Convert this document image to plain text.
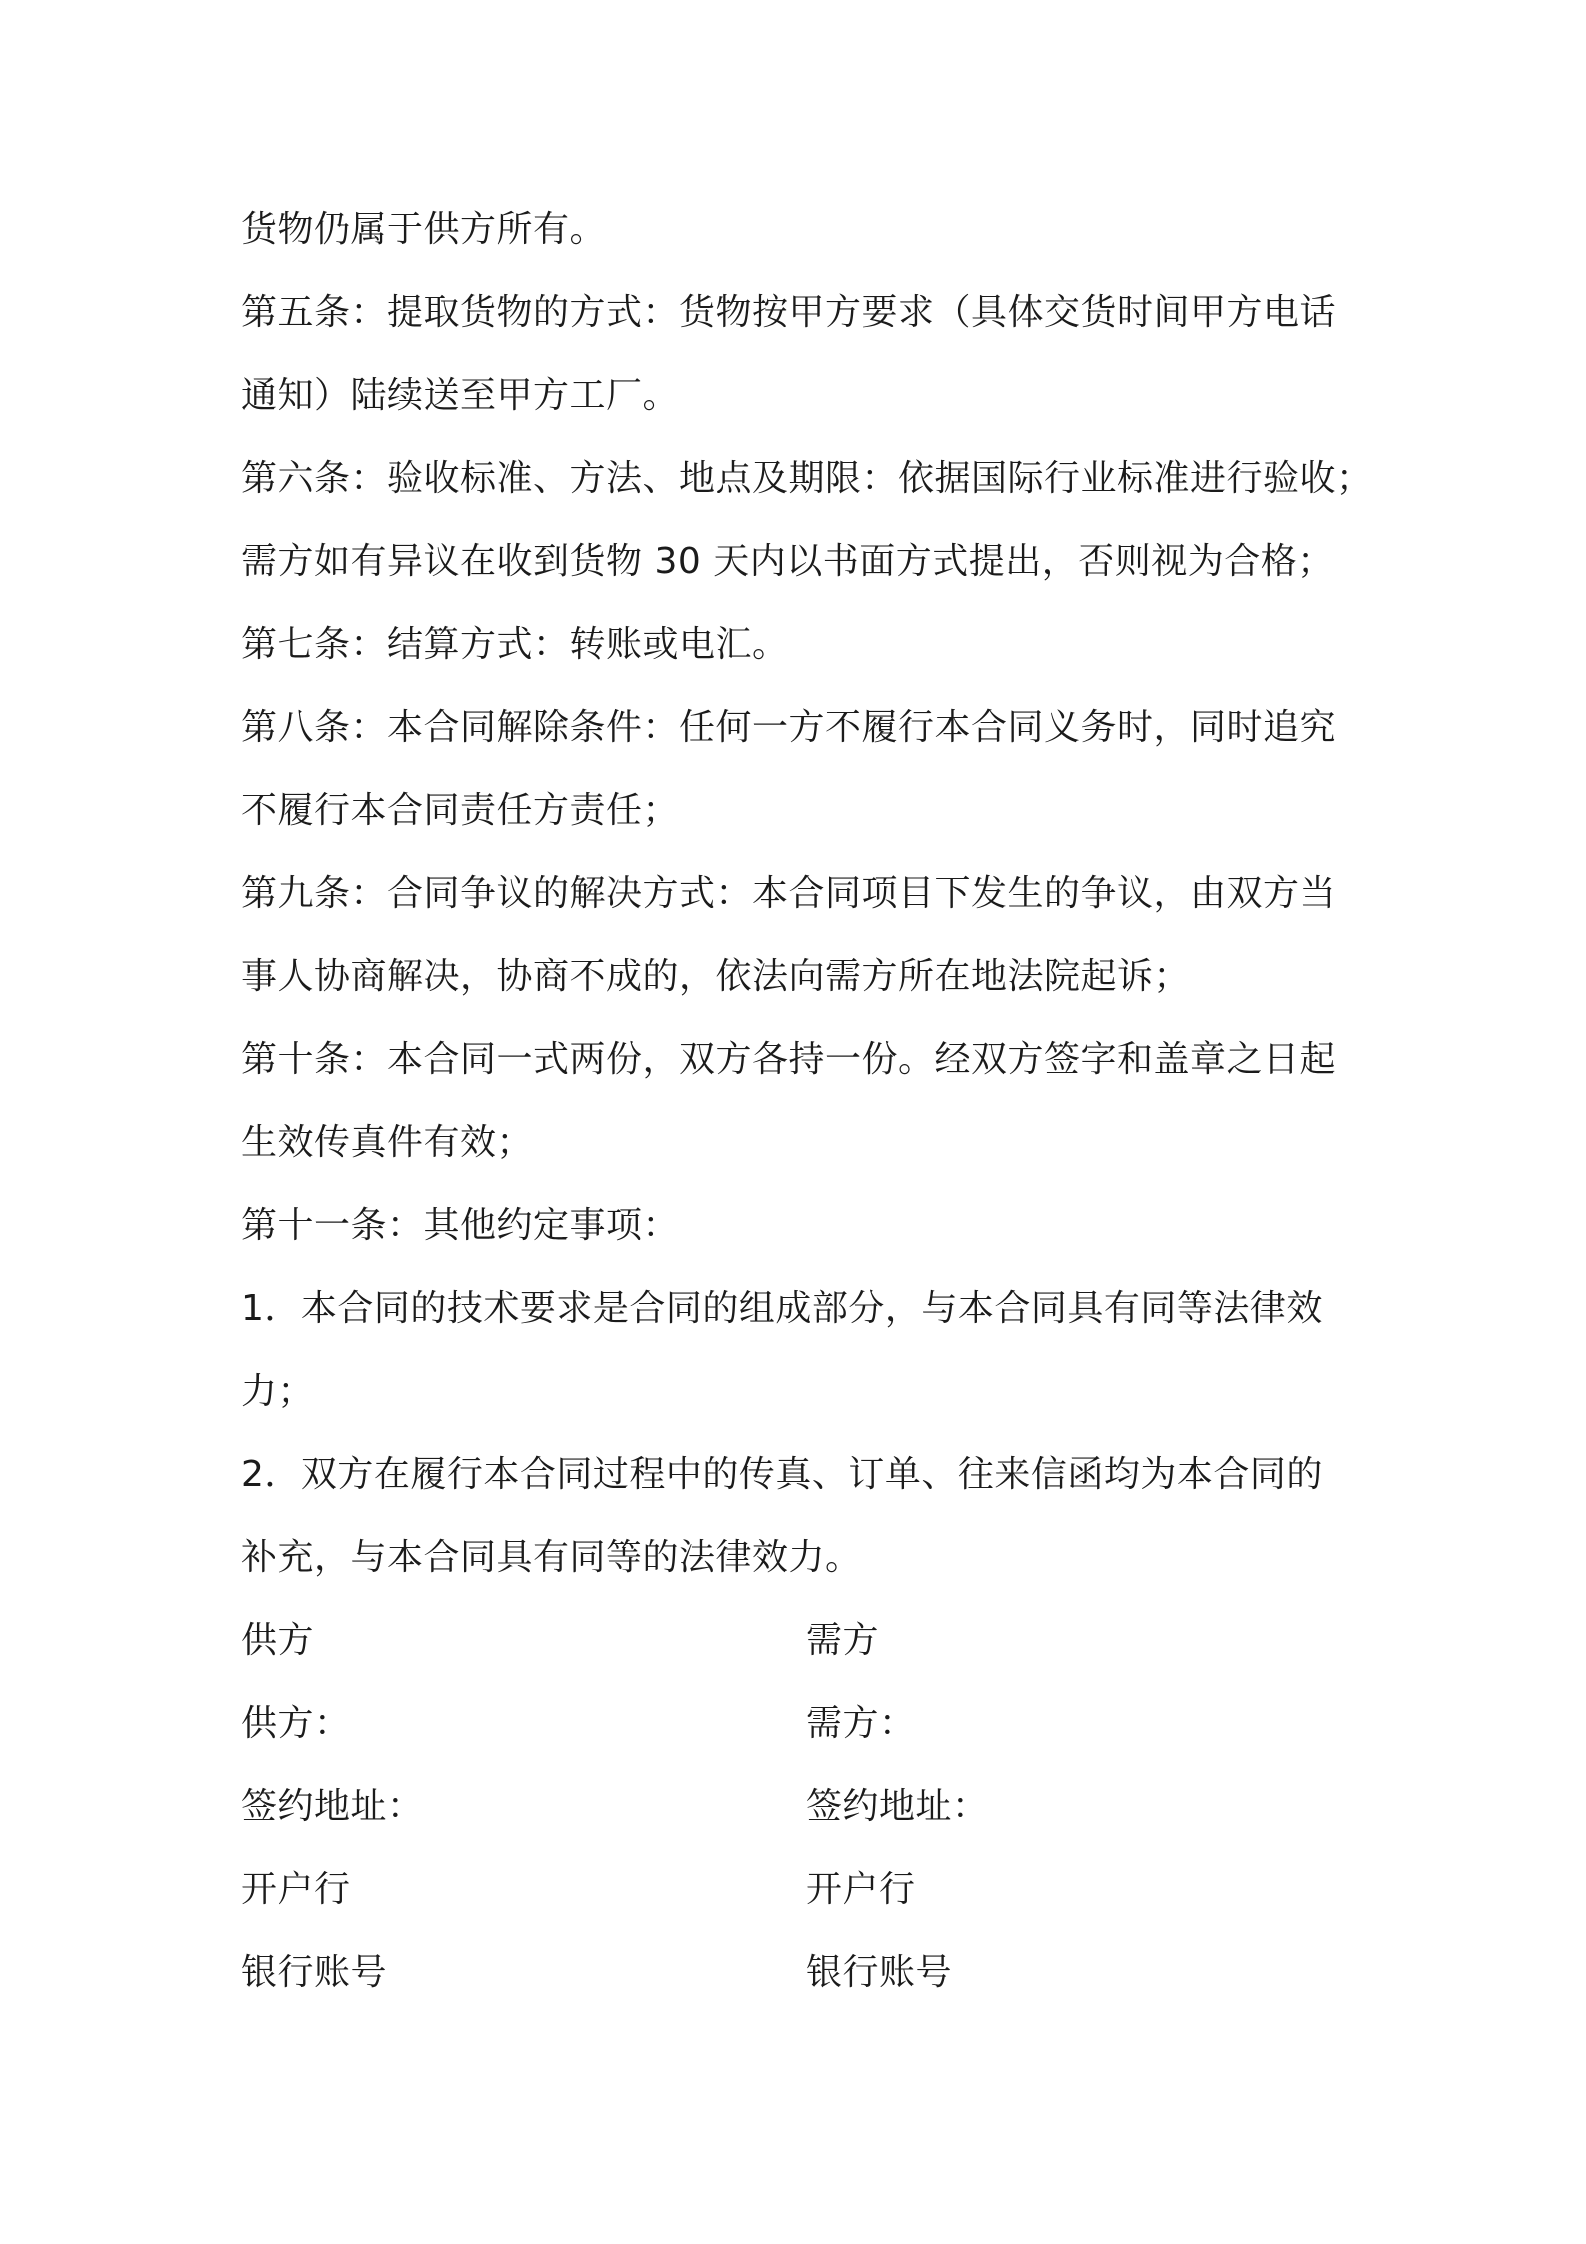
货物仍属于供方所有。
第五条：提取货物的方式：货物按甲方要求（具体交货时间甲方电话
通知）陆续送至甲方工厂。
第六条：验收标准、方法、地点及期限：依据国际行业标准进行验收；
需方如有异议在收到货物 30 天内以书面方式提出，否则视为合格；
第七条：结算方式：转账或电汇。
第八条：本合同解除条件：任何一方不履行本合同义务时，同时追究
不履行本合同责任方责任；
第九条：合同争议的解决方式：本合同项目下发生的争议，由双方当
事人协商解决，协商不成的，依法向需方所在地法院起诉；
第十条：本合同一式两份，双方各持一份。经双方签字和盖章之日起
生效传真件有效；
第十一条：其他约定事项：
1．本合同的技术要求是合同的组成部分，与本合同具有同等法律效
力；
2．双方在履行本合同过程中的传真、订单、往来信函均为本合同的
补充，与本合同具有同等的法律效力。
供方	需方
供方：	需方：
签约地址：	签约地址：
开户行	开户行
银行账号	银行账号
